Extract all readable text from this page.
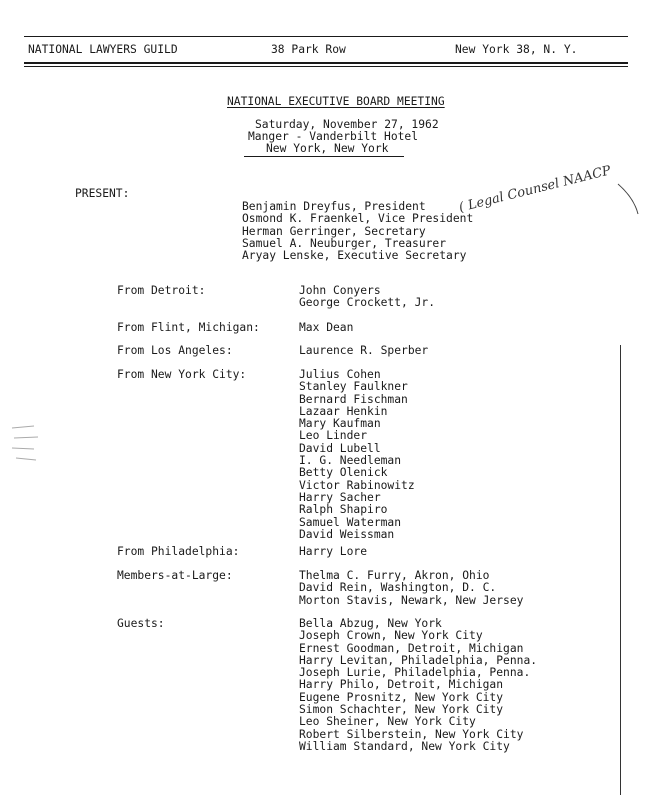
NATIONAL LAWYERS GUILD	38 Park Row	New York 38, N. Y.
NATIONAL EXECUTIVE BOARD MEETING
Saturday, November 27, 1962
Manger - Vanderbilt Hotel
New York, New York
PRESENT:
Benjamin Dreyfus, President
Osmond K. Fraenkel, Vice President
Herman Gerringer, Secretary
Samuel A. Neuburger, Treasurer
Aryay Lenske, Executive Secretary
( Legal Counsel NAACP
From Detroit:	John Conyers
George Crockett, Jr.
From Flint, Michigan:	Max Dean
From Los Angeles:	Laurence R. Sperber
From New York City:	Julius Cohen
Stanley Faulkner
Bernard Fischman
Lazaar Henkin
Mary Kaufman
Leo Linder
David Lubell
I. G. Needleman
Betty Olenick
Victor Rabinowitz
Harry Sacher
Ralph Shapiro
Samuel Waterman
David Weissman
From Philadelphia:	Harry Lore
Members-at-Large:	Thelma C. Furry, Akron, Ohio
David Rein, Washington, D. C.
Morton Stavis, Newark, New Jersey
Guests:	Bella Abzug, New York
Joseph Crown, New York City
Ernest Goodman, Detroit, Michigan
Harry Levitan, Philadelphia, Penna.
Joseph Lurie, Philadelphia, Penna.
Harry Philo, Detroit, Michigan
Eugene Prosnitz, New York City
Simon Schachter, New York City
Leo Sheiner, New York City
Robert Silberstein, New York City
William Standard, New York City
